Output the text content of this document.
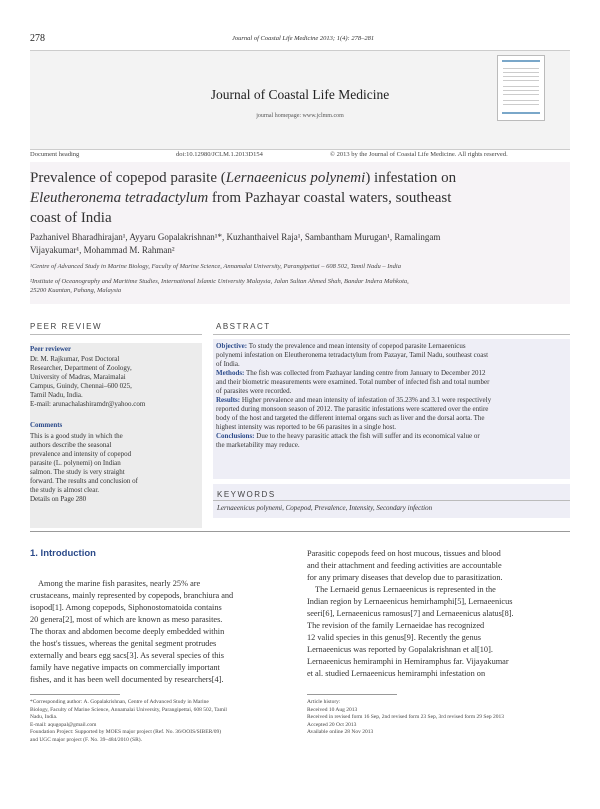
278	Journal of Coastal Life Medicine 2013; 1(4): 278–281
Journal of Coastal Life Medicine
journal homepage: www.jclmm.com
Document heading	doi:10.12980/JCLM.1.2013D154	© 2013 by the Journal of Coastal Life Medicine. All rights reserved.
Prevalence of copepod parasite (Lernaeenicus polynemi) infestation on
Eleutheronema tetradactylum from Pazhayar coastal waters, southeast
coast of India
Pazhanivel Bharadhirajan¹, Ayyaru Gopalakrishnan¹*, Kuzhanthaivel Raja¹, Sambantham Murugan¹, Ramalingam
Vijayakumar¹, Mohammad M. Rahman²
¹Centre of Advanced Study in Marine Biology, Faculty of Marine Science, Annamalai University, Parangipettai – 608 502, Tamil Nadu – India
²Institute of Oceanography and Maritime Studies, International Islamic University Malaysia, Jalan Sultan Ahmed Shah, Bandar Indera Mahkota,
25200 Kuantan, Pahang, Malaysia
PEER REVIEW	ABSTRACT
Peer reviewer
Dr. M. Rajkumar, Post Doctoral
Researcher, Department of Zoology,
University of Madras, Maraimalai
Campus, Guindy, Chennai–600 025,
Tamil Nadu, India.
E-mail: arunachalashiramdr@yahoo.com
Comments
This is a good study in which the
authors describe the seasonal
prevalence and intensity of copepod
parasite (L. polynemi) on Indian
salmon. The study is very straight
forward. The results and conclusion of
the study is almost clear.
Details on Page 280
Objective: To study the prevalence and mean intensity of copepod parasite Lernaeenicus
polynemi infestation on Eleutheronema tetradactylum from Pazayar, Tamil Nadu, southeast coast
of India.
Methods: The fish was collected from Pazhayar landing centre from January to December 2012
and their biometric measurements were examined. Total number of infected fish and total number
of parasites were recorded.
Results: Higher prevalence and mean intensity of infestation of 35.23% and 3.1 were respectively
reported during monsoon season of 2012. The parasitic infestations were scattered over the entire
body of the host and targeted the different internal organs such as liver and the dorsal aorta. The
highest intensity was reported to be 66 parasites in a single host.
Conclusions: Due to the heavy parasitic attack the fish will suffer and its economical value or
the marketability may reduce.
KEYWORDS
Lernaeenicus polynemi, Copepod, Prevalence, Intensity, Secondary infection
1. Introduction
Among the marine fish parasites, nearly 25% are
crustaceans, mainly represented by copepods, branchiura and
isopod[1]. Among copepods, Siphonostomatoida contains
20 genera[2], most of which are known as meso parasites.
The thorax and abdomen become deeply embedded within
the host's tissues, whereas the genital segment protrudes
externally and bears egg sacs[3]. As several species of this
family have negative impacts on commercially important
fishes, and it has been well documented by researchers[4].
Parasitic copepods feed on host mucous, tissues and blood
and their attachment and feeding activities are accountable
for any primary diseases that develop due to parasitization.
The Lernaeid genus Lernaeenicus is represented in the
Indian region by Lernaeenicus hemirhamphi[5], Lernaeenicus
seeri[6], Lernaeenicus ramosus[7] and Lernaeenicus alatus[8].
The revision of the family Lernaeidae has recognized
12 valid species in this genus[9]. Recently the genus
Lernaeenicus was reported by Gopalakrishnan et al[10].
Lernaeenicus hemiramphi in Hemiramphus far. Vijayakumar
et al. studied Lernaeenicus hemiramphi infestation on
*Corresponding author: A. Gopalakrishnan, Centre of Advanced Study in Marine
Biology, Faculty of Marine Science, Annamalai University, Parangipettai, 608 502, Tamil
Nadu, India.
E-mail: aqugopal@gmail.com
Foundation Project: Supported by MOES major project (Ref. No. 36/OOIS/SIBER/09)
and UGC major project (F. No. 39–484/2010 (SR).
Article history:
Received 10 Aug 2013
Received in revised form 16 Sep, 2nd revised form 23 Sep, 3rd revised form 29 Sep 2013
Accepted 20 Oct 2013
Available online 28 Nov 2013
